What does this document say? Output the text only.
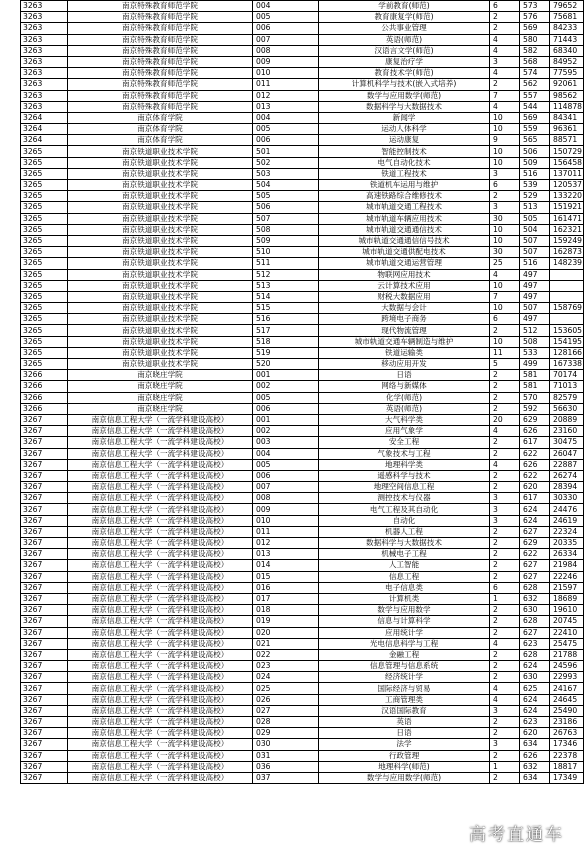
3263	南京特殊教育师范学院	004	学前教育(师范)	6	573	79652
3263	南京特殊教育师范学院	005	教育康复学(师范)	2	576	75681
3263	南京特殊教育师范学院	006	公共事业管理	2	569	84233
3263	南京特殊教育师范学院	007	英语(师范)	4	580	71443
3263	南京特殊教育师范学院	008	汉语言文学(师范)	4	582	68340
3263	南京特殊教育师范学院	009	康复治疗学	3	568	84952
3263	南京特殊教育师范学院	010	教育技术学(师范)	4	574	77595
3263	南京特殊教育师范学院	011	计算机科学与技术(嵌入式培养)	2	562	92061
3263	南京特殊教育师范学院	012	数学与应用数学(师范)	7	557	98562
3263	南京特殊教育师范学院	013	数据科学与大数据技术	4	544	114878
3264	南京体育学院	004	新闻学	10	569	84341
3264	南京体育学院	005	运动人体科学	10	559	96361
3264	南京体育学院	006	运动康复	9	565	88571
3265	南京铁道职业技术学院	501	智能控制技术	10	506	150729
3265	南京铁道职业技术学院	502	电气自动化技术	10	509	156458
3265	南京铁道职业技术学院	503	铁道工程技术	3	516	137011
3265	南京铁道职业技术学院	504	铁道机车运用与维护	6	539	120537
3265	南京铁道职业技术学院	505	高速铁路综合维修技术	2	529	133220
3265	南京铁道职业技术学院	506	城市轨道交通工程技术	3	513	151921
3265	南京铁道职业技术学院	507	城市轨道车辆应用技术	30	505	161471
3265	南京铁道职业技术学院	508	城市轨道交通通信技术	10	504	162321
3265	南京铁道职业技术学院	509	城市轨道交通通信信号技术	10	507	159249
3265	南京铁道职业技术学院	510	城市轨道交通供配电技术	30	507	162873
3265	南京铁道职业技术学院	511	城市轨道交通运营管理	25	516	148239
3265	南京铁道职业技术学院	512	物联网应用技术	4	497	
3265	南京铁道职业技术学院	513	云计算技术应用	10	497	
3265	南京铁道职业技术学院	514	财税大数据应用	7	497	
3265	南京铁道职业技术学院	515	大数据与会计	10	507	158769
3265	南京铁道职业技术学院	516	跨境电子商务	6	497	
3265	南京铁道职业技术学院	517	现代物流管理	2	512	153605
3265	南京铁道职业技术学院	518	城市轨道交通车辆制造与维护	10	508	154195
3265	南京铁道职业技术学院	519	铁道运输类	11	533	128166
3265	南京铁道职业技术学院	520	移动应用开发	5	499	167338
3266	南京晓庄学院	001	日语	2	581	70174
3266	南京晓庄学院	002	网络与新媒体	2	581	71013
3266	南京晓庄学院	005	化学(师范)	2	570	82579
3266	南京晓庄学院	006	英语(师范)	2	592	56630
3267	南京信息工程大学（一流学科建设高校）	001	大气科学类	20	629	20889
3267	南京信息工程大学（一流学科建设高校）	002	应用气象学	4	626	23160
3267	南京信息工程大学（一流学科建设高校）	003	安全工程	2	617	30475
3267	南京信息工程大学（一流学科建设高校）	004	气象技术与工程	2	622	26047
3267	南京信息工程大学（一流学科建设高校）	005	地理科学类	4	626	22887
3267	南京信息工程大学（一流学科建设高校）	006	遥感科学与技术	2	622	26274
3267	南京信息工程大学（一流学科建设高校）	007	地理空间信息工程	2	620	28394
3267	南京信息工程大学（一流学科建设高校）	008	测控技术与仪器	3	617	30330
3267	南京信息工程大学（一流学科建设高校）	009	电气工程及其自动化	3	624	24476
3267	南京信息工程大学（一流学科建设高校）	010	自动化	3	624	24619
3267	南京信息工程大学（一流学科建设高校）	011	机器人工程	2	627	22324
3267	南京信息工程大学（一流学科建设高校）	012	数据科学与大数据技术	2	629	20335
3267	南京信息工程大学（一流学科建设高校）	013	机械电子工程	2	622	26334
3267	南京信息工程大学（一流学科建设高校）	014	人工智能	2	627	21984
3267	南京信息工程大学（一流学科建设高校）	015	信息工程	2	627	22246
3267	南京信息工程大学（一流学科建设高校）	016	电子信息类	6	628	21597
3267	南京信息工程大学（一流学科建设高校）	017	计算机类	1	632	18689
3267	南京信息工程大学（一流学科建设高校）	018	数学与应用数学	2	630	19610
3267	南京信息工程大学（一流学科建设高校）	019	信息与计算科学	2	628	20745
3267	南京信息工程大学（一流学科建设高校）	020	应用统计学	2	627	22410
3267	南京信息工程大学（一流学科建设高校）	021	光电信息科学与工程	4	623	25475
3267	南京信息工程大学（一流学科建设高校）	022	金融工程	2	628	21788
3267	南京信息工程大学（一流学科建设高校）	023	信息管理与信息系统	2	624	24596
3267	南京信息工程大学（一流学科建设高校）	024	经济统计学	2	630	22993
3267	南京信息工程大学（一流学科建设高校）	025	国际经济与贸易	4	625	24167
3267	南京信息工程大学（一流学科建设高校）	026	工商管理类	4	624	24645
3267	南京信息工程大学（一流学科建设高校）	027	汉语国际教育	3	624	25490
3267	南京信息工程大学（一流学科建设高校）	028	英语	2	623	23186
3267	南京信息工程大学（一流学科建设高校）	029	日语	2	620	26763
3267	南京信息工程大学（一流学科建设高校）	030	法学	3	634	17346
3267	南京信息工程大学（一流学科建设高校）	031	行政管理	2	626	22378
3267	南京信息工程大学（一流学科建设高校）	036	地理科学(师范)	1	632	18817
3267	南京信息工程大学（一流学科建设高校）	037	数学与应用数学(师范)	2	634	17349
高考直通车
